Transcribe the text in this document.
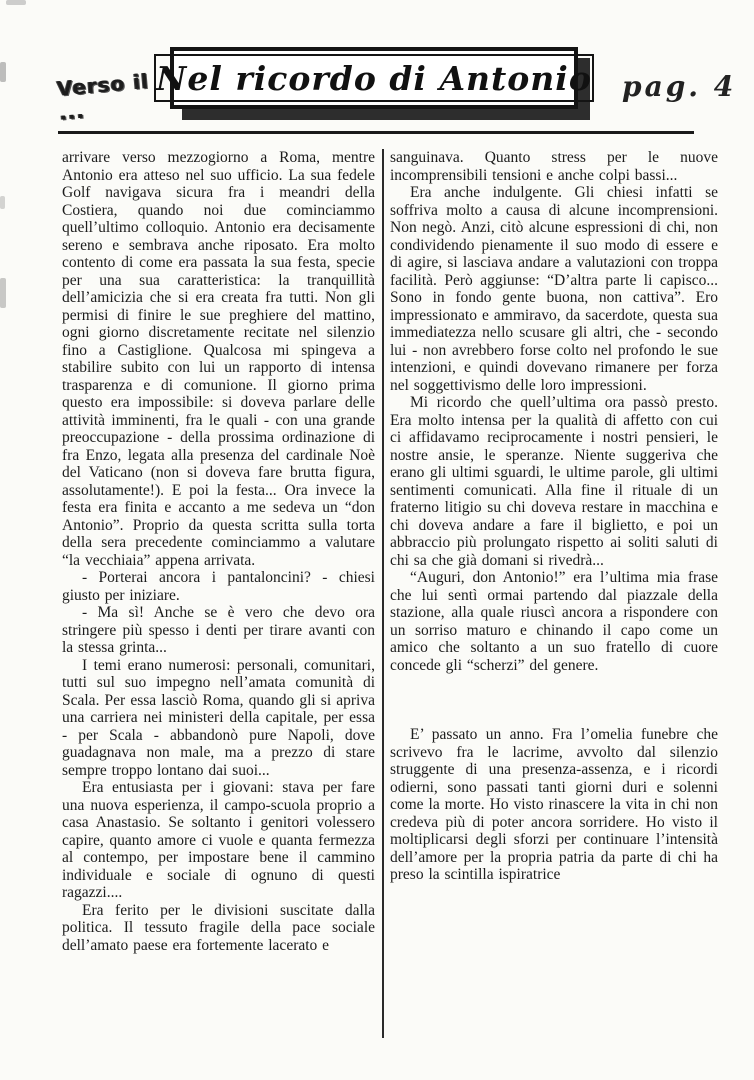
Verso il ...
Nel ricordo di Antonio pag. 4

arrivare verso mezzogiorno a Roma, mentre Antonio era atteso nel suo ufficio. La sua fedele Golf navigava sicura fra i meandri della Costiera, quando noi due cominciammo quell’ultimo colloquio. Antonio era decisamente sereno e sembrava anche riposato. Era molto contento di come era passata la sua festa, specie per una sua caratteristica: la tranquillità dell’amicizia che si era creata fra tutti. Non gli permisi di finire le sue preghiere del mattino, ogni giorno discretamente recitate nel silenzio fino a Castiglione. Qualcosa mi spingeva a stabilire subito con lui un rapporto di intensa trasparenza e di comunione. Il giorno prima questo era impossibile: si doveva parlare delle attività imminenti, fra le quali - con una grande preoccupazione - della prossima ordinazione di fra Enzo, legata alla presenza del cardinale Noè del Vaticano (non si doveva fare brutta figura, assolutamente!). E poi la festa... Ora invece la festa era finita e accanto a me sedeva un “don Antonio”. Proprio da questa scritta sulla torta della sera precedente cominciammo a valutare “la vecchiaia” appena arrivata.

- Porterai ancora i pantaloncini? - chiesi giusto per iniziare.

- Ma sì! Anche se è vero che devo ora stringere più spesso i denti per tirare avanti con la stessa grinta...

I temi erano numerosi: personali, comunitari, tutti sul suo impegno nell’amata comunità di Scala. Per essa lasciò Roma, quando gli si apriva una carriera nei ministeri della capitale, per essa - per Scala - abbandonò pure Napoli, dove guadagnava non male, ma a prezzo di stare sempre troppo lontano dai suoi...

Era entusiasta per i giovani: stava per fare una nuova esperienza, il campo-scuola proprio a casa Anastasio. Se soltanto i genitori volessero capire, quanto amore ci vuole e quanta fermezza al contempo, per impostare bene il cammino individuale e sociale di ognuno di questi ragazzi....

Era ferito per le divisioni suscitate dalla politica. Il tessuto fragile della pace sociale dell’amato paese era fortemente lacerato e

sanguinava. Quanto stress per le nuove incomprensibili tensioni e anche colpi bassi...

Era anche indulgente. Gli chiesi infatti se soffriva molto a causa di alcune incomprensioni. Non negò. Anzi, citò alcune espressioni di chi, non condividendo pienamente il suo modo di essere e di agire, si lasciava andare a valutazioni con troppa facilità. Però aggiunse: “D’altra parte li capisco... Sono in fondo gente buona, non cattiva”. Ero impressionato e ammiravo, da sacerdote, questa sua immediatezza nello scusare gli altri, che - secondo lui - non avrebbero forse colto nel profondo le sue intenzioni, e quindi dovevano rimanere per forza nel soggettivismo delle loro impressioni.

Mi ricordo che quell’ultima ora passò presto. Era molto intensa per la qualità di affetto con cui ci affidavamo reciprocamente i nostri pensieri, le nostre ansie, le speranze. Niente suggeriva che erano gli ultimi sguardi, le ultime parole, gli ultimi sentimenti comunicati. Alla fine il rituale di un fraterno litigio su chi doveva restare in macchina e chi doveva andare a fare il biglietto, e poi un abbraccio più prolungato rispetto ai soliti saluti di chi sa che già domani si rivedrà...

“Auguri, don Antonio!” era l’ultima mia frase che lui sentì ormai partendo dal piazzale della stazione, alla quale riuscì ancora a rispondere con un sorriso maturo e chinando il capo come un amico che soltanto a un suo fratello di cuore concede gli “scherzi” del genere.

E’ passato un anno. Fra l’omelia funebre che scrivevo fra le lacrime, avvolto dal silenzio struggente di una presenza-assenza, e i ricordi odierni, sono passati tanti giorni duri e solenni come la morte. Ho visto rinascere la vita in chi non credeva più di poter ancora sorridere. Ho visto il moltiplicarsi degli sforzi per continuare l’intensità dell’amore per la propria patria da parte di chi ha preso la scintilla ispiratrice
